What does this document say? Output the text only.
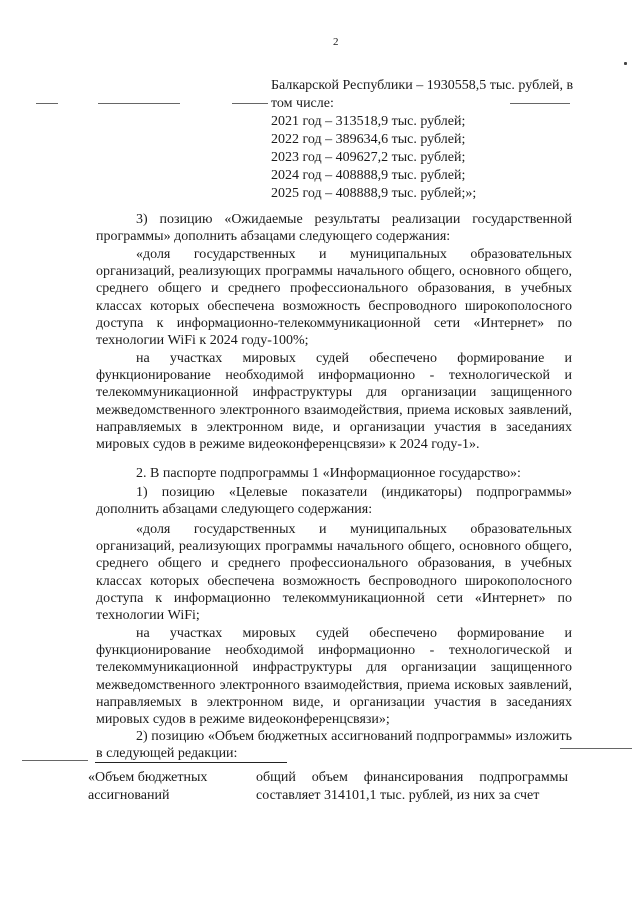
2
Балкарской Республики – 1930558,5 тыс. рублей, в том числе:
2021 год – 313518,9 тыс. рублей;
2022 год – 389634,6 тыс. рублей;
2023 год – 409627,2 тыс. рублей;
2024 год – 408888,9 тыс. рублей;
2025 год – 408888,9 тыс. рублей;»;
3) позицию «Ожидаемые результаты реализации государственной программы» дополнить абзацами следующего содержания:
«доля государственных и муниципальных образовательных организаций, реализующих программы начального общего, основного общего, среднего общего и среднего профессионального образования, в учебных классах которых обеспечена возможность беспроводного широкополосного доступа к информационно-телекоммуникационной сети «Интернет» по технологии WiFi к 2024 году-100%;
на участках мировых судей обеспечено формирование и функционирование необходимой информационно - технологической и телекоммуникационной инфраструктуры для организации защищенного межведомственного электронного взаимодействия, приема исковых заявлений, направляемых в электронном виде, и организации участия в заседаниях мировых судов в режиме видеоконференцсвязи» к 2024 году-1».
2. В паспорте подпрограммы 1 «Информационное государство»:
1) позицию «Целевые показатели (индикаторы) подпрограммы» дополнить абзацами следующего содержания:
«доля государственных и муниципальных образовательных организаций, реализующих программы начального общего, основного общего, среднего общего и среднего профессионального образования, в учебных классах которых обеспечена возможность беспроводного широкополосного доступа к информационно телекоммуникационной сети «Интернет» по технологии WiFi;
на участках мировых судей обеспечено формирование и функционирование необходимой информационно - технологической и телекоммуникационной инфраструктуры для организации защищенного межведомственного электронного взаимодействия, приема исковых заявлений, направляемых в электронном виде, и организации участия в заседаниях мировых судов в режиме видеоконференцсвязи»;
2) позицию «Объем бюджетных ассигнований подпрограммы» изложить в следующей редакции:
«Объем бюджетных ассигнований
общий объем финансирования подпрограммы составляет 314101,1 тыс. рублей, из них за счет
